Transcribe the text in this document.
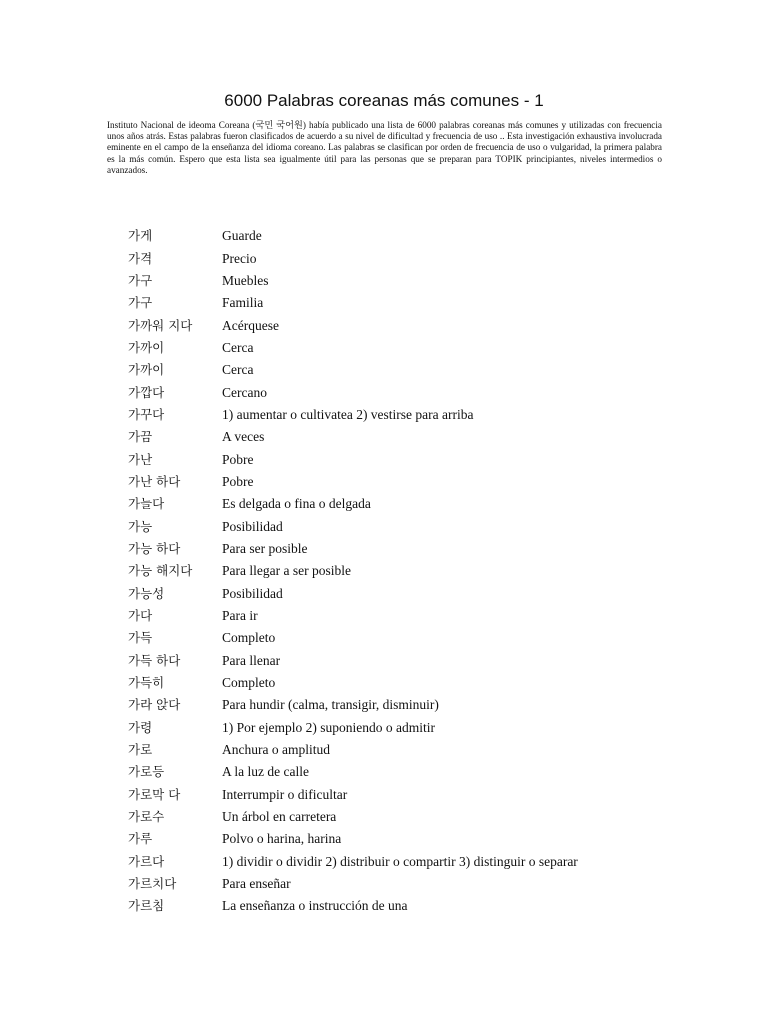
6000 Palabras coreanas más comunes - 1
Instituto Nacional de ideoma Coreana (국민 국어원) había publicado una lista de 6000 palabras coreanas más comunes y utilizadas con frecuencia unos años atrás. Estas palabras fueron clasificados de acuerdo a su nivel de dificultad y frecuencia de uso .. Esta investigación exhaustiva involucrada eminente en el campo de la enseñanza del idioma coreano. Las palabras se clasifican por orden de frecuencia de uso o vulgaridad, la primera palabra es la más común. Espero que esta lista sea igualmente útil para las personas que se preparan para TOPIK principiantes, niveles intermedios o avanzados.
가게	Guarde
가격	Precio
가구	Muebles
가구	Familia
가까워 지다	Acérquese
가까이	Cerca
가까이	Cerca
가깝다	Cercano
가꾸다	1) aumentar o cultivatea 2) vestirse para arriba
가끔	A veces
가난	Pobre
가난 하다	Pobre
가늘다	Es delgada o fina o delgada
가능	Posibilidad
가능 하다	Para ser posible
가능 해지다	Para llegar a ser posible
가능성	Posibilidad
가다	Para ir
가득	Completo
가득 하다	Para llenar
가득히	Completo
가라 앉다	Para hundir (calma, transigir, disminuir)
가령	1) Por ejemplo 2) suponiendo o admitir
가로	Anchura o amplitud
가로등	A la luz de calle
가로막 다	Interrumpir o dificultar
가로수	Un árbol en carretera
가루	Polvo o harina, harina
가르다	1) dividir o dividir 2) distribuir o compartir 3) distinguir o separar
가르치다	Para enseñar
가르침	La enseñanza o instrucción de una
